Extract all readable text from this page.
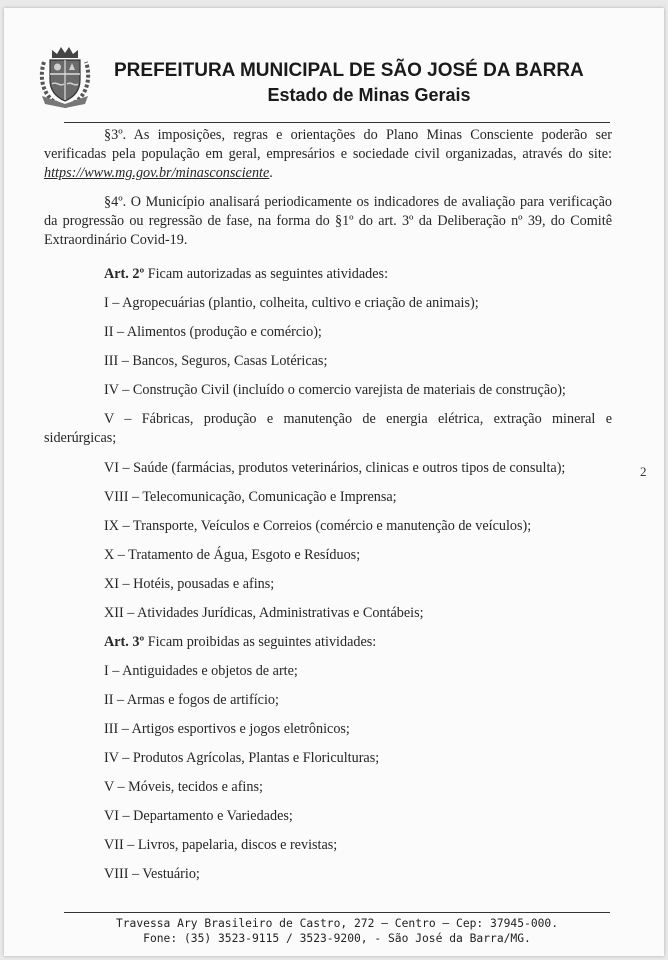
PREFEITURA MUNICIPAL DE SÃO JOSÉ DA BARRA
Estado de Minas Gerais

§3º. As imposições, regras e orientações do Plano Minas Consciente poderão ser verificadas pela população em geral, empresários e sociedade civil organizadas, através do site: https://www.mg.gov.br/minasconsciente.

§4º. O Município analisará periodicamente os indicadores de avaliação para verificação da progressão ou regressão de fase, na forma do §1º do art. 3º da Deliberação nº 39, do Comitê Extraordinário Covid-19.

Art. 2º Ficam autorizadas as seguintes atividades:

I – Agropecuárias (plantio, colheita, cultivo e criação de animais);

II – Alimentos (produção e comércio);

III – Bancos, Seguros, Casas Lotéricas;

IV – Construção Civil (incluído o comercio varejista de materiais de construção);

V – Fábricas, produção e manutenção de energia elétrica, extração mineral e siderúrgicas;

VI – Saúde (farmácias, produtos veterinários, clinicas e outros tipos de consulta);

VIII – Telecomunicação, Comunicação e Imprensa;

IX – Transporte, Veículos e Correios (comércio e manutenção de veículos);

X – Tratamento de Água, Esgoto e Resíduos;

XI – Hotéis, pousadas e afins;

XII – Atividades Jurídicas, Administrativas e Contábeis;

Art. 3º Ficam proibidas as seguintes atividades:

I – Antiguidades e objetos de arte;

II – Armas e fogos de artifício;

III – Artigos esportivos e jogos eletrônicos;

IV – Produtos Agrícolas, Plantas e Floriculturas;

V – Móveis, tecidos e afins;

VI – Departamento e Variedades;

VII – Livros, papelaria, discos e revistas;

VIII – Vestuário;

2
Travessa Ary Brasileiro de Castro, 272 – Centro – Cep: 37945-000.
Fone: (35) 3523-9115 / 3523-9200, - São José da Barra/MG.
